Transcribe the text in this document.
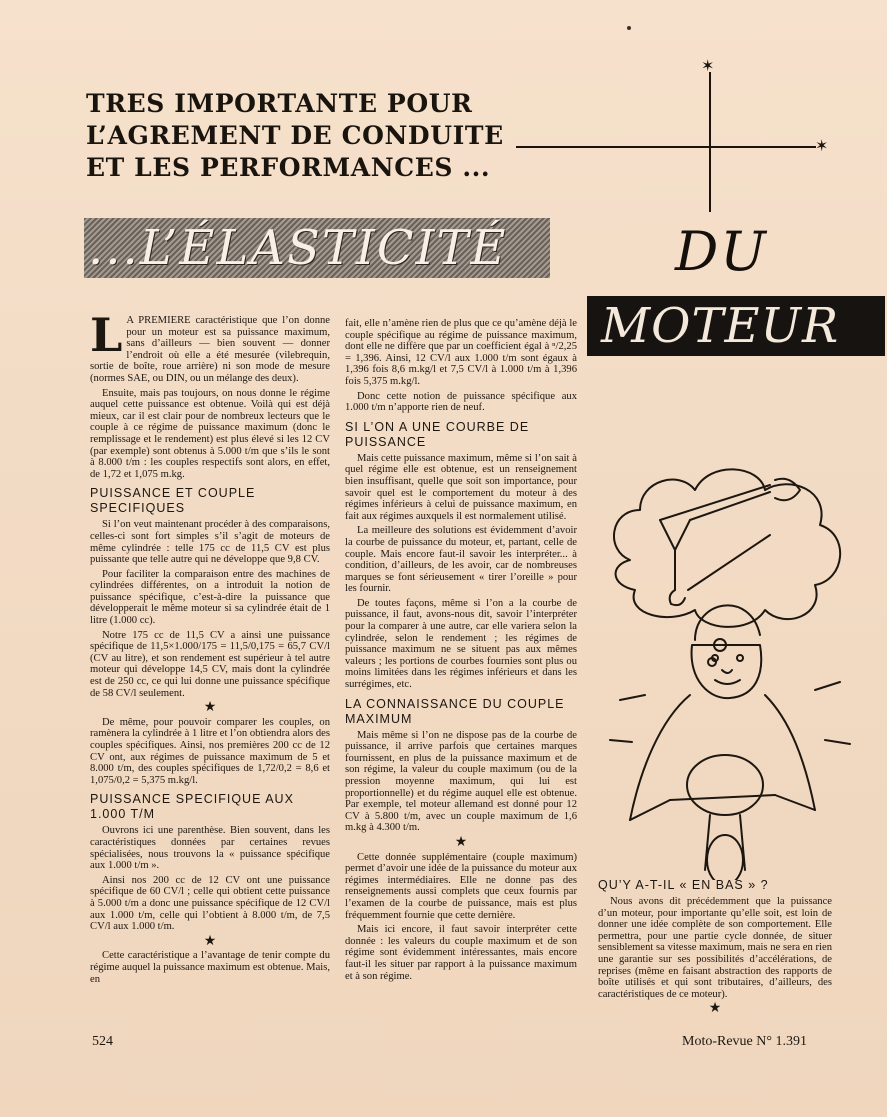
TRES IMPORTANTE POUR
L’AGREMENT DE CONDUITE
ET LES PERFORMANCES ...
✶
✶
...L’ÉLASTICITÉ	DU
MOTEUR

L A PREMIERE caractéristique que l’on donne pour un moteur est sa puissance maximum, sans d’ailleurs — bien souvent — donner l’endroit où elle a été mesurée (vilebrequin, sortie de boîte, roue arrière) ni son mode de mesure (normes SAE, ou DIN, ou un mélange des deux).

Ensuite, mais pas toujours, on nous donne le régime auquel cette puissance est obtenue. Voilà qui est déjà mieux, car il est clair pour de nombreux lecteurs que le couple à ce régime de puissance maximum (donc le remplissage et le rendement) est plus élevé si les 12 CV (par exemple) sont obtenus à 5.000 t/m que s’ils le sont à 8.000 t/m : les couples respectifs sont alors, en effet, de 1,72 et 1,075 m.kg.

PUISSANCE ET COUPLE SPECIFIQUES

Si l’on veut maintenant procéder à des comparaisons, celles-ci sont fort simples s’il s’agit de moteurs de même cylindrée : telle 175 cc de 11,5 CV est plus puissante que telle autre qui ne développe que 9,8 CV.

Pour faciliter la comparaison entre des machines de cylindrées différentes, on a introduit la notion de puissance spécifique, c’est-à-dire la puissance que développerait le même moteur si sa cylindrée était de 1 litre (1.000 cc).

Notre 175 cc de 11,5 CV a ainsi une puissance spécifique de 11,5×1.000/175 = 11,5/0,175 = 65,7 CV/l (CV au litre), et son rendement est supérieur à tel autre moteur qui développe 14,5 CV, mais dont la cylindrée est de 250 cc, ce qui lui donne une puissance spécifique de 58 CV/l seulement.

★

De même, pour pouvoir comparer les couples, on ramènera la cylindrée à 1 litre et l’on obtiendra alors des couples spécifiques. Ainsi, nos premières 200 cc de 12 CV ont, aux régimes de puissance maximum de 5 et 8.000 t/m, des couples spécifiques de 1,72/0,2 = 8,6 et 1,075/0,2 = 5,375 m.kg/l.

PUISSANCE SPECIFIQUE AUX 1.000 T/M

Ouvrons ici une parenthèse. Bien souvent, dans les caractéristiques données par certaines revues spécialisées, nous trouvons la « puissance spécifique aux 1.000 t/m ».

Ainsi nos 200 cc de 12 CV ont une puissance spécifique de 60 CV/l ; celle qui obtient cette puissance à 5.000 t/m a donc une puissance spécifique de 12 CV/l aux 1.000 t/m, celle qui l’obtient à 8.000 t/m, de 7,5 CV/l aux 1.000 t/m.

★

Cette caractéristique a l’avantage de tenir compte du régime auquel la puissance maximum est obtenue. Mais, en

fait, elle n’amène rien de plus que ce qu’amène déjà le couple spécifique au régime de puissance maximum, dont elle ne diffère que par un coefficient égal à ⁿ/2,25 = 1,396. Ainsi, 12 CV/l aux 1.000 t/m sont égaux à 1,396 fois 8,6 m.kg/l et 7,5 CV/l à 1.000 t/m à 1,396 fois 5,375 m.kg/l.

Donc cette notion de puissance spécifique aux 1.000 t/m n’apporte rien de neuf.

SI L’ON A UNE COURBE DE PUISSANCE

Mais cette puissance maximum, même si l’on sait à quel régime elle est obtenue, est un renseignement bien insuffisant, quelle que soit son importance, pour savoir quel est le comportement du moteur à des régimes inférieurs à celui de puissance maximum, en fait aux régimes auxquels il est normalement utilisé.

La meilleure des solutions est évidemment d’avoir la courbe de puissance du moteur, et, partant, celle de couple. Mais encore faut-il savoir les interpréter... à condition, d’ailleurs, de les avoir, car de nombreuses marques se font sérieusement « tirer l’oreille » pour les fournir.

De toutes façons, même si l’on a la courbe de puissance, il faut, avons-nous dit, savoir l’interpréter pour la comparer à une autre, car elle variera selon la cylindrée, selon le rendement ; les régimes de puissance maximum ne se situent pas aux mêmes valeurs ; les portions de courbes fournies sont plus ou moins limitées dans les régimes inférieurs et dans les surrégimes, etc.

LA CONNAISSANCE DU COUPLE MAXIMUM

Mais même si l’on ne dispose pas de la courbe de puissance, il arrive parfois que certaines marques fournissent, en plus de la puissance maximum et de son régime, la valeur du couple maximum (ou de la pression moyenne maximum, qui lui est proportionnelle) et du régime auquel elle est obtenue. Par exemple, tel moteur allemand est donné pour 12 CV à 5.800 t/m, avec un couple maximum de 1,6 m.kg à 4.300 t/m.

★

Cette donnée supplémentaire (couple maximum) permet d’avoir une idée de la puissance du moteur aux régimes intermédiaires. Elle ne donne pas des renseignements aussi complets que ceux fournis par l’examen de la courbe de puissance, mais est plus fréquemment fournie que cette dernière.

Mais ici encore, il faut savoir interpréter cette donnée : les valeurs du couple maximum et de son régime sont évidemment intéressantes, mais encore faut-il les situer par rapport à la puissance maximum et à son régime.

QU’Y A-T-IL « EN BAS » ?

Nous avons dit précédemment que la puissance d’un moteur, pour importante qu’elle soit, est loin de donner une idée complète de son comportement. Elle permettra, pour une partie cycle donnée, de situer sensiblement sa vitesse maximum, mais ne sera en rien une garantie sur ses possibilités d’accélérations, de reprises (même en faisant abstraction des rapports de boîte utilisés et qui sont tributaires, d’ailleurs, des caractéristiques de ce moteur).

★
524	Moto-Revue N° 1.391
